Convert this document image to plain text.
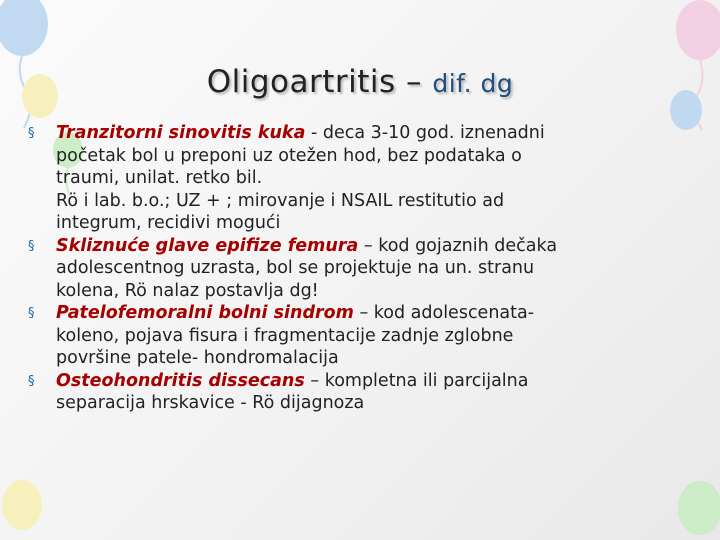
Oligoartritis – dif. dg
§ Tranzitorni sinovitis kuka - deca 3-10 god. iznenadni
početak bol u preponi uz otežen hod, bez podataka o
traumi, unilat. retko bil.
Rö i lab. b.o.; UZ + ; mirovanje i NSAIL restitutio ad
integrum, recidivi mogući
§ Skliznuće glave epifize femura – kod gojaznih dečaka
adolescentnog uzrasta, bol se projektuje na un. stranu
kolena, Rö nalaz postavlja dg!
§ Patelofemoralni bolni sindrom – kod adolescenata-
koleno, pojava fisura i fragmentacije zadnje zglobne
površine patele- hondromalacija
§ Osteohondritis dissecans – kompletna ili parcijalna
separacija hrskavice - Rö dijagnoza
